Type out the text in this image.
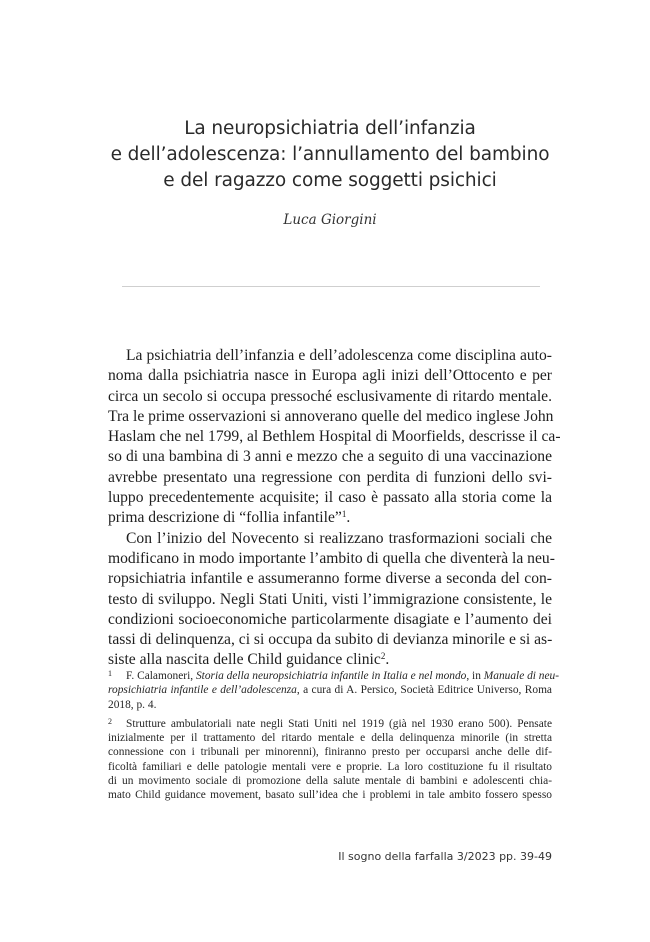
La neuropsichiatria dell’infanzia
e dell’adolescenza: l’annullamento del bambino
e del ragazzo come soggetti psichici
Luca Giorgini
La psichiatria dell’infanzia e dell’adolescenza come disciplina auto-
noma dalla psichiatria nasce in Europa agli inizi dell’Ottocento e per
circa un secolo si occupa pressoché esclusivamente di ritardo mentale.
Tra le prime osservazioni si annoverano quelle del medico inglese John
Haslam che nel 1799, al Bethlem Hospital di Moorfields, descrisse il ca-
so di una bambina di 3 anni e mezzo che a seguito di una vaccinazione
avrebbe presentato una regressione con perdita di funzioni dello svi-
luppo precedentemente acquisite; il caso è passato alla storia come la
prima descrizione di “follia infantile”$^1$.
Con l’inizio del Novecento si realizzano trasformazioni sociali che
modificano in modo importante l’ambito di quella che diventerà la neu-
ropsichiatria infantile e assumeranno forme diverse a seconda del con-
testo di sviluppo. Negli Stati Uniti, visti l’immigrazione consistente, le
condizioni socioeconomiche particolarmente disagiate e l’aumento dei
tassi di delinquenza, ci si occupa da subito di devianza minorile e si as-
siste alla nascita delle Child guidance clinic$^2$.
1 F. Calamoneri, Storia della neuropsichiatria infantile in Italia e nel mondo, in Manuale di neu-
ropsichiatria infantile e dell’adolescenza, a cura di A. Persico, Società Editrice Universo, Roma
2018, p. 4.
2 Strutture ambulatoriali nate negli Stati Uniti nel 1919 (già nel 1930 erano 500). Pensate
inizialmente per il trattamento del ritardo mentale e della delinquenza minorile (in stretta
connessione con i tribunali per minorenni), finiranno presto per occuparsi anche delle dif-
ficoltà familiari e delle patologie mentali vere e proprie. La loro costituzione fu il risultato
di un movimento sociale di promozione della salute mentale di bambini e adolescenti chia-
mato Child guidance movement, basato sull’idea che i problemi in tale ambito fossero spesso
Il sogno della farfalla 3/2023 pp. 39-49
